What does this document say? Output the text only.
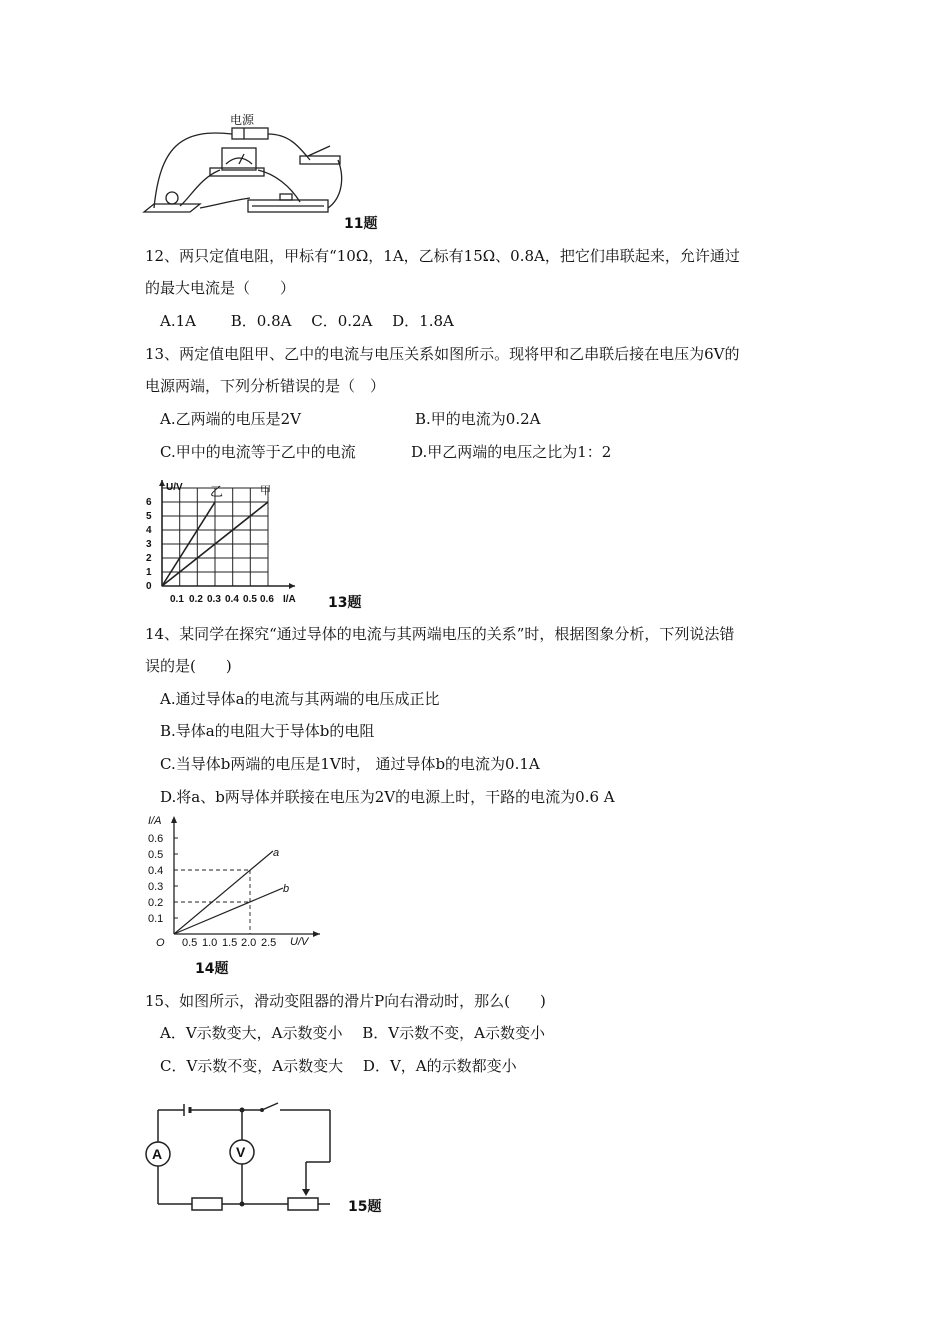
电源
11题
12、两只定值电阻，甲标有“10Ω，1A，乙标有15Ω、0.8A，把它们串联起来，允许通过
的最大电流是（　　）
A.1A　　 B．0.8A　 C．0.2A　 D．1.8A
13、两定值电阻甲、乙中的电流与电压关系如图所示。现将甲和乙串联后接在电压为6V的
电源两端，下列分析错误的是（　）
A.乙两端的电压是2V	B.甲的电流为0.2A
C.甲中的电流等于乙中的电流	D.甲乙两端的电压之比为1：2
U/V
I/A
6
5
4
3
2
1
0
0.1 0.2 0.3 0.4 0.5 0.6
乙	甲
13题
14、某同学在探究“通过导体的电流与其两端电压的关系”时，根据图象分析，下列说法错
误的是(　　)
A.通过导体a的电流与其两端的电压成正比
B.导体a的电阻大于导体b的电阻
C.当导体b两端的电压是1V时， 通过导体b的电流为0.1A
D.将a、b两导体并联接在电压为2V的电源上时，干路的电流为0.6 A
I/A
U/V
O
0.6
0.5
0.4
0.3
0.2
0.1
0.5 1.0 1.5 2.0 2.5
a
b
14题
15、如图所示，滑动变阻器的滑片P向右滑动时，那么(　　)
A．V示数变大，A示数变小　 B．V示数不变，A示数变小
C．V示数不变，A示数变大　 D．V，A的示数都变小
A	V
15题
